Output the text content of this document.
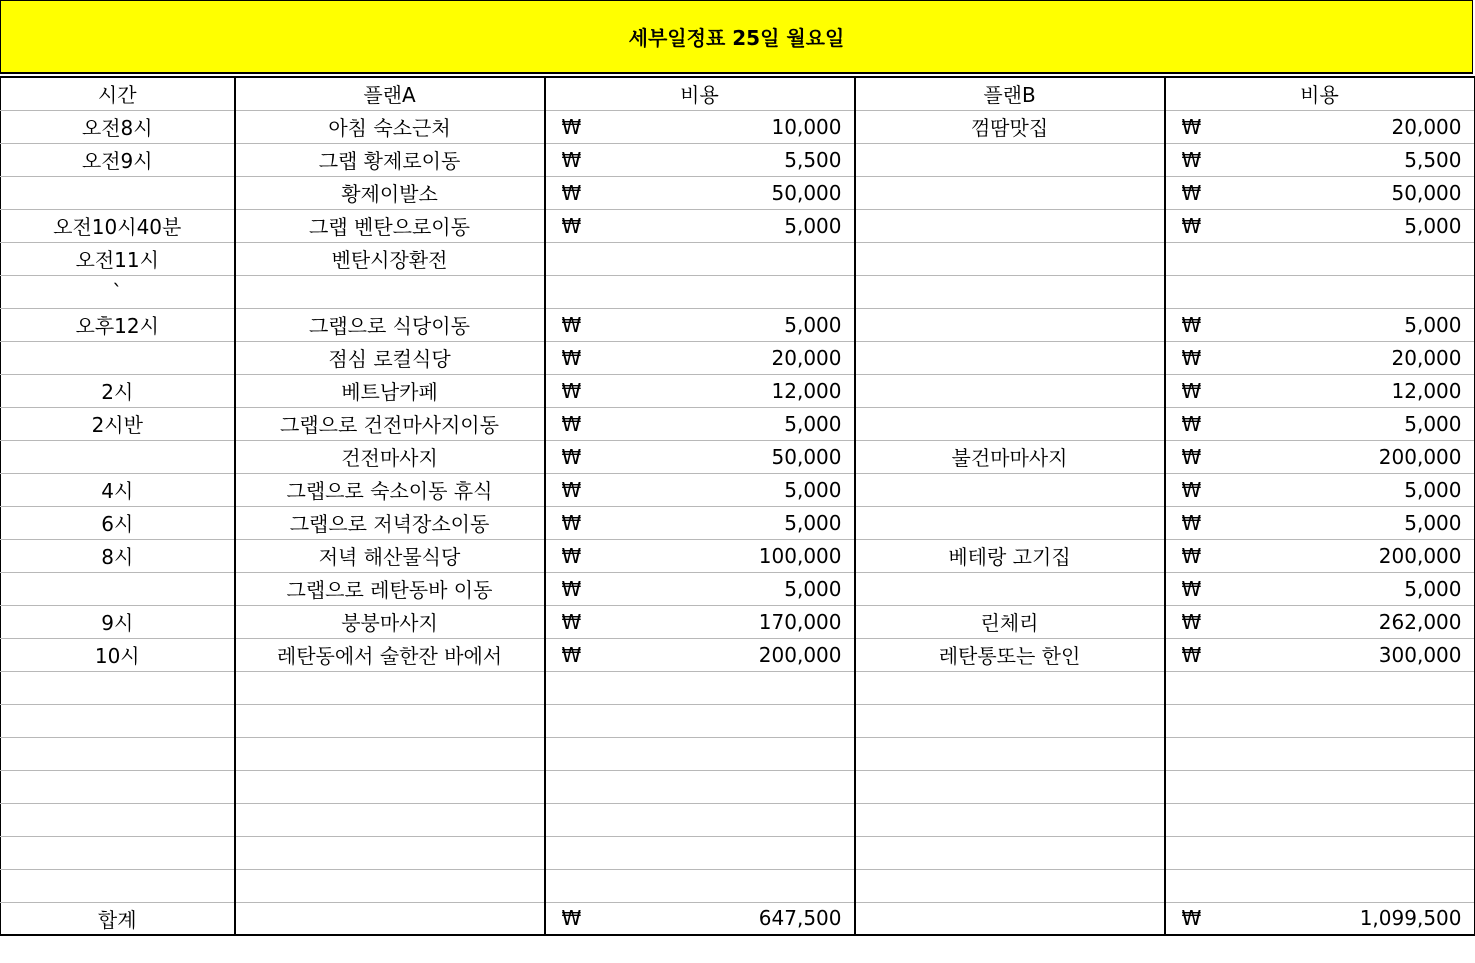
세부일정표 25일 월요일
시간	플랜A	비용	플랜B	비용
오전8시	아침 숙소근처	₩ 10,000	껌땀맛집	₩ 20,000

오전9시	그랩 황제로이동	₩ 5,500		₩ 5,500

	황제이발소	₩ 50,000		₩ 50,000

오전10시40분	그랩 벤탄으로이동	₩ 5,000		₩ 5,000

오전11시	벤탄시장환전			
`				
오후12시	그랩으로 식당이동	₩ 5,000		₩ 5,000

	점심 로컬식당	₩ 20,000		₩ 20,000

2시	베트남카페	₩ 12,000		₩ 12,000

2시반	그랩으로 건전마사지이동	₩ 5,000		₩ 5,000

	건전마사지	₩ 50,000	불건마마사지	₩ 200,000

4시	그랩으로 숙소이동 휴식	₩ 5,000		₩ 5,000

6시	그랩으로 저녁장소이동	₩ 5,000		₩ 5,000

8시	저녁 해산물식당	₩ 100,000	베테랑 고기집	₩ 200,000

	그랩으로 레탄동바 이동	₩ 5,000		₩ 5,000

9시	붕붕마사지	₩ 170,000	린체리	₩ 262,000

10시	레탄동에서 술한잔 바에서	₩ 200,000	레탄통또는 한인	₩ 300,000

합계		₩ 647,500		₩ 1,099,500
